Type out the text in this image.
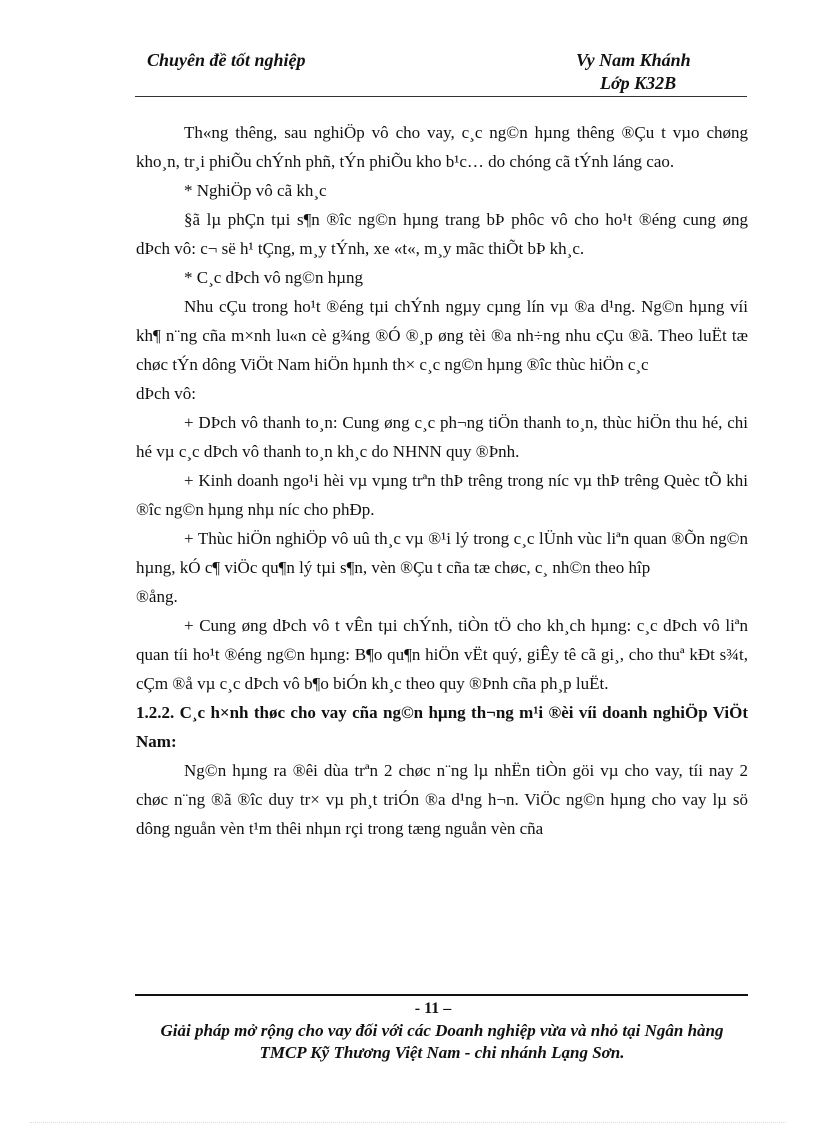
Chuyên đề tốt nghiệp	Vy Nam Khánh
Lớp K32B

Th«ng thêng, sau nghiÖp vô cho vay, c¸c ng©n hµng thêng ®Çu t vµo chøng kho¸n, tr¸i phiÕu chÝnh phñ, tÝn phiÕu kho b¹c… do chóng cã tÝnh láng cao.

* NghiÖp vô cã kh¸c

§ã lµ phÇn tµi s¶n ®îc ng©n hµng trang bÞ phôc vô cho ho¹t ®éng cung øng dÞch vô: c¬ së h¹ tÇng, m¸y tÝnh, xe «t«, m¸y mãc thiÕt bÞ kh¸c.

* C¸c dÞch vô ng©n hµng

Nhu cÇu trong ho¹t ®éng tµi chÝnh ngµy cµng lín vµ ®a d¹ng. Ng©n hµng víi kh¶ n¨ng cña m×nh lu«n cè g¾ng ®Ó ®¸p øng tèi ®a nh÷ng nhu cÇu ®ã. Theo luËt tæ chøc tÝn dông ViÖt Nam hiÖn hµnh th× c¸c ng©n hµng ®îc thùc hiÖn c¸c

dÞch vô:

+ DÞch vô thanh to¸n: Cung øng c¸c ph¬ng tiÖn thanh to¸n, thùc hiÖn thu hé, chi hé vµ c¸c dÞch vô thanh to¸n kh¸c do NHNN quy ®Þnh.

+ Kinh doanh ngo¹i hèi vµ vµng trªn thÞ trêng trong níc vµ thÞ trêng Quèc tÕ khi ®îc ng©n hµng nhµ níc cho phÐp.

+ Thùc hiÖn nghiÖp vô uû th¸c vµ ®¹i lý trong c¸c lÜnh vùc liªn quan ®Õn ng©n hµng, kÓ c¶ viÖc qu¶n lý tµi s¶n, vèn ®Çu t cña tæ chøc, c¸ nh©n theo hîp

®ång.

+ Cung øng dÞch vô t vÊn tµi chÝnh, tiÒn tÖ cho kh¸ch hµng: c¸c dÞch vô liªn quan tíi ho¹t ®éng ng©n hµng: B¶o qu¶n hiÖn vËt quý, giÊy tê cã gi¸, cho thuª kÐt s¾t, cÇm ®å vµ c¸c dÞch vô b¶o biÓn kh¸c theo quy ®Þnh cña ph¸p luËt.

1.2.2. C¸c h×nh thøc cho vay cña ng©n hµng th¬ng m¹i ®èi víi doanh nghiÖp ViÖt Nam:

Ng©n hµng ra ®êi dùa trªn 2 chøc n¨ng lµ nhËn tiÒn göi vµ cho vay, tíi nay 2 chøc n¨ng ®ã ®îc duy tr× vµ ph¸t triÓn ®a d¹ng h¬n. ViÖc ng©n hµng cho vay lµ sö dông nguån vèn t¹m thêi nhµn rçi trong tæng nguån vèn cña

- 11 –
Giải pháp mở rộng cho vay đối với các Doanh nghiệp vừa và nhỏ tại Ngân hàng TMCP Kỹ Thương Việt Nam - chi nhánh Lạng Sơn.
